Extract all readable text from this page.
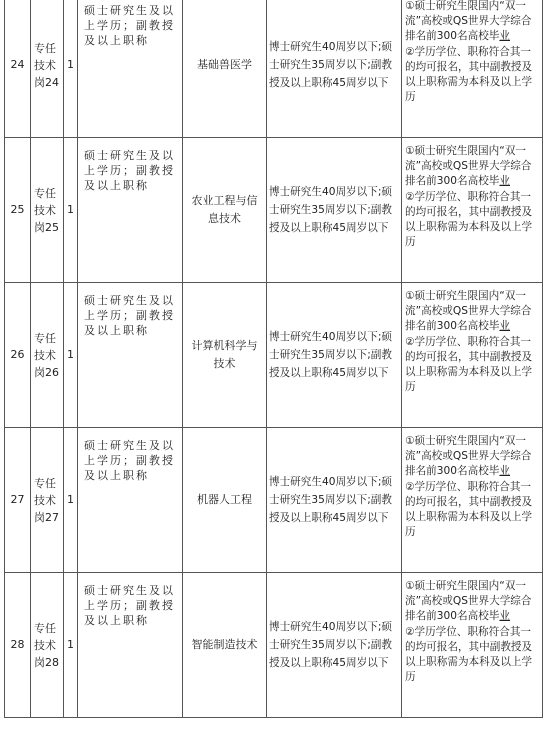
24	专任技术岗24	1	硕士研究生及以上学历；副教授及以上职称	基础兽医学	博士研究生40周岁以下;硕士研究生35周岁以下;副教授及以上职称45周岁以下	①硕士研究生限国内“双一流”高校或QS世界大学综合排名前300名高校毕业
②学历学位、职称符合其一的均可报名，其中副教授及以上职称需为本科及以上学历

25	专任技术岗25	1	硕士研究生及以上学历；副教授及以上职称	农业工程与信息技术	博士研究生40周岁以下;硕士研究生35周岁以下;副教授及以上职称45周岁以下	①硕士研究生限国内“双一流”高校或QS世界大学综合排名前300名高校毕业
②学历学位、职称符合其一的均可报名，其中副教授及以上职称需为本科及以上学历

26	专任技术岗26	1	硕士研究生及以上学历；副教授及以上职称	计算机科学与技术	博士研究生40周岁以下;硕士研究生35周岁以下;副教授及以上职称45周岁以下	①硕士研究生限国内“双一流”高校或QS世界大学综合排名前300名高校毕业
②学历学位、职称符合其一的均可报名，其中副教授及以上职称需为本科及以上学历

27	专任技术岗27	1	硕士研究生及以上学历；副教授及以上职称	机器人工程	博士研究生40周岁以下;硕士研究生35周岁以下;副教授及以上职称45周岁以下	①硕士研究生限国内“双一流”高校或QS世界大学综合排名前300名高校毕业
②学历学位、职称符合其一的均可报名，其中副教授及以上职称需为本科及以上学历

28	专任技术岗28	1	硕士研究生及以上学历；副教授及以上职称	智能制造技术	博士研究生40周岁以下;硕士研究生35周岁以下;副教授及以上职称45周岁以下	①硕士研究生限国内“双一流”高校或QS世界大学综合排名前300名高校毕业
②学历学位、职称符合其一的均可报名，其中副教授及以上职称需为本科及以上学历
